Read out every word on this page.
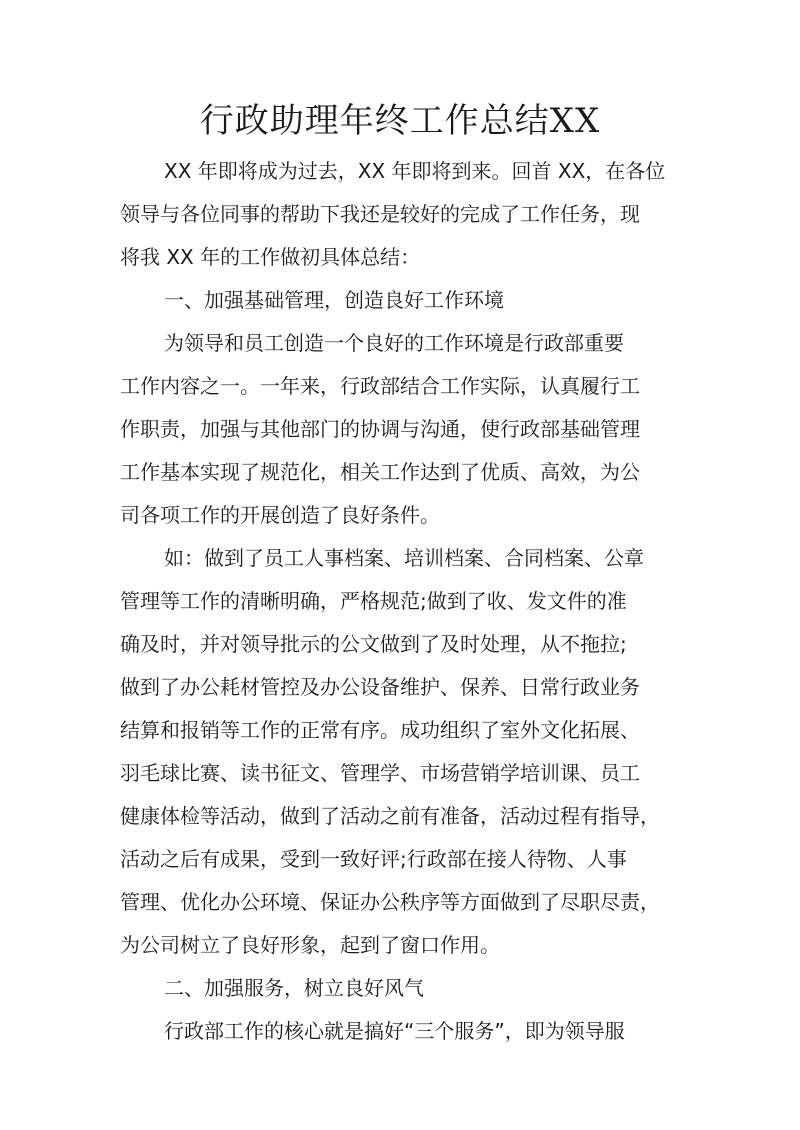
行政助理年终工作总结XX
XX 年即将成为过去，XX 年即将到来。回首 XX，在各位
领导与各位同事的帮助下我还是较好的完成了工作任务，现
将我 XX 年的工作做初具体总结：
一、加强基础管理，创造良好工作环境
为领导和员工创造一个良好的工作环境是行政部重要
工作内容之一。一年来，行政部结合工作实际，认真履行工
作职责，加强与其他部门的协调与沟通，使行政部基础管理
工作基本实现了规范化，相关工作达到了优质、高效，为公
司各项工作的开展创造了良好条件。
如：做到了员工人事档案、培训档案、合同档案、公章
管理等工作的清晰明确，严格规范;做到了收、发文件的准
确及时，并对领导批示的公文做到了及时处理，从不拖拉;
做到了办公耗材管控及办公设备维护、保养、日常行政业务
结算和报销等工作的正常有序。成功组织了室外文化拓展、
羽毛球比赛、读书征文、管理学、市场营销学培训课、员工
健康体检等活动，做到了活动之前有准备，活动过程有指导，
活动之后有成果，受到一致好评;行政部在接人待物、人事
管理、优化办公环境、保证办公秩序等方面做到了尽职尽责，
为公司树立了良好形象，起到了窗口作用。
二、加强服务，树立良好风气
行政部工作的核心就是搞好“三个服务”，即为领导服
